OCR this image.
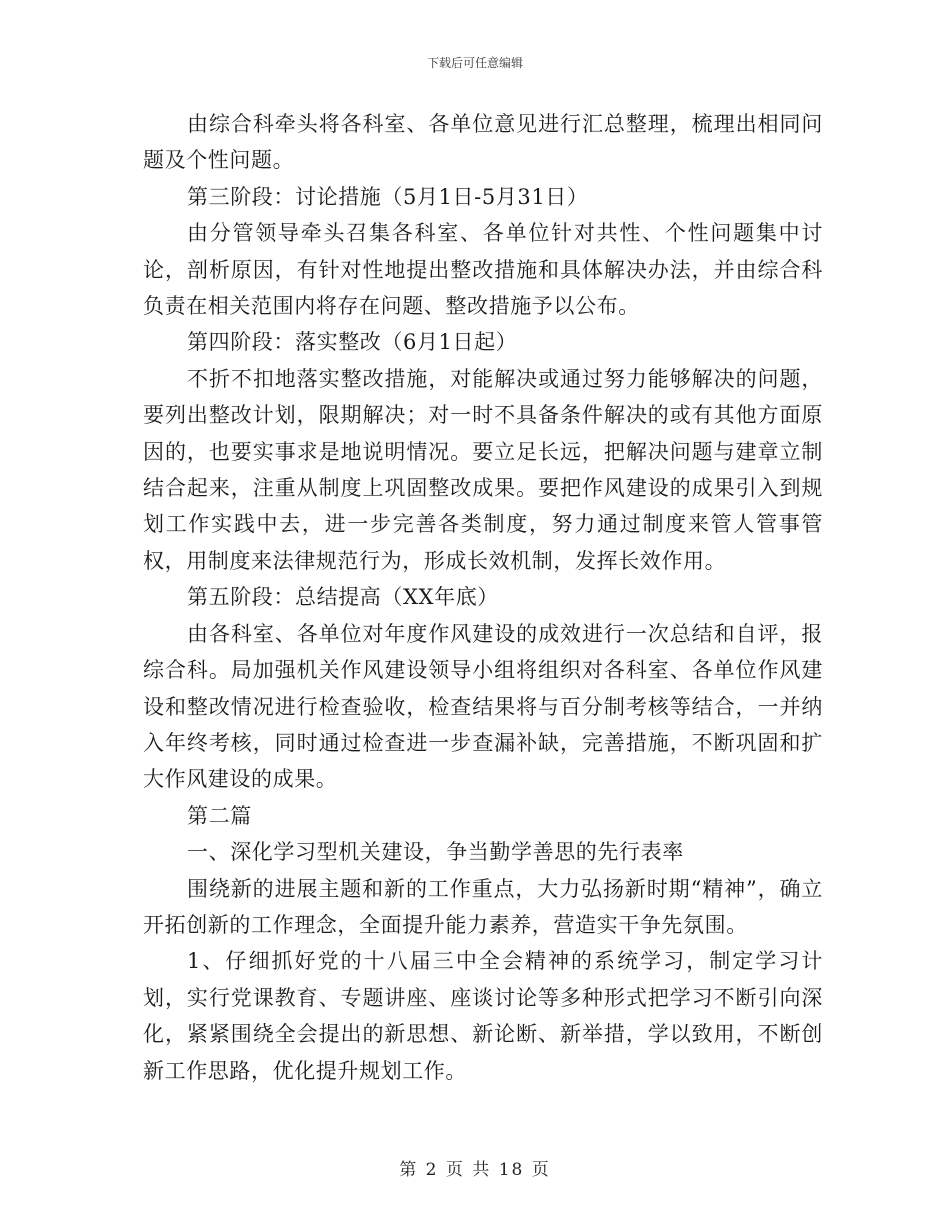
下载后可任意编辑

由综合科牵头将各科室、各单位意见进行汇总整理，梳理出相同问题及个性问题。

第三阶段：讨论措施（5月1日-5月31日）

由分管领导牵头召集各科室、各单位针对共性、个性问题集中讨论，剖析原因，有针对性地提出整改措施和具体解决办法，并由综合科负责在相关范围内将存在问题、整改措施予以公布。

第四阶段：落实整改（6月1日起）

不折不扣地落实整改措施，对能解决或通过努力能够解决的问题，要列出整改计划，限期解决；对一时不具备条件解决的或有其他方面原因的，也要实事求是地说明情况。要立足长远，把解决问题与建章立制结合起来，注重从制度上巩固整改成果。要把作风建设的成果引入到规划工作实践中去，进一步完善各类制度，努力通过制度来管人管事管权，用制度来法律规范行为，形成长效机制，发挥长效作用。

第五阶段：总结提高（XX年底）

由各科室、各单位对年度作风建设的成效进行一次总结和自评，报综合科。局加强机关作风建设领导小组将组织对各科室、各单位作风建设和整改情况进行检查验收，检查结果将与百分制考核等结合，一并纳入年终考核，同时通过检查进一步查漏补缺，完善措施，不断巩固和扩大作风建设的成果。

第二篇

一、深化学习型机关建设，争当勤学善思的先行表率

围绕新的进展主题和新的工作重点，大力弘扬新时期“精神”，确立开拓创新的工作理念，全面提升能力素养，营造实干争先氛围。

1、仔细抓好党的十八届三中全会精神的系统学习，制定学习计划，实行党课教育、专题讲座、座谈讨论等多种形式把学习不断引向深化，紧紧围绕全会提出的新思想、新论断、新举措，学以致用，不断创新工作思路，优化提升规划工作。

第 2 页 共 18 页
